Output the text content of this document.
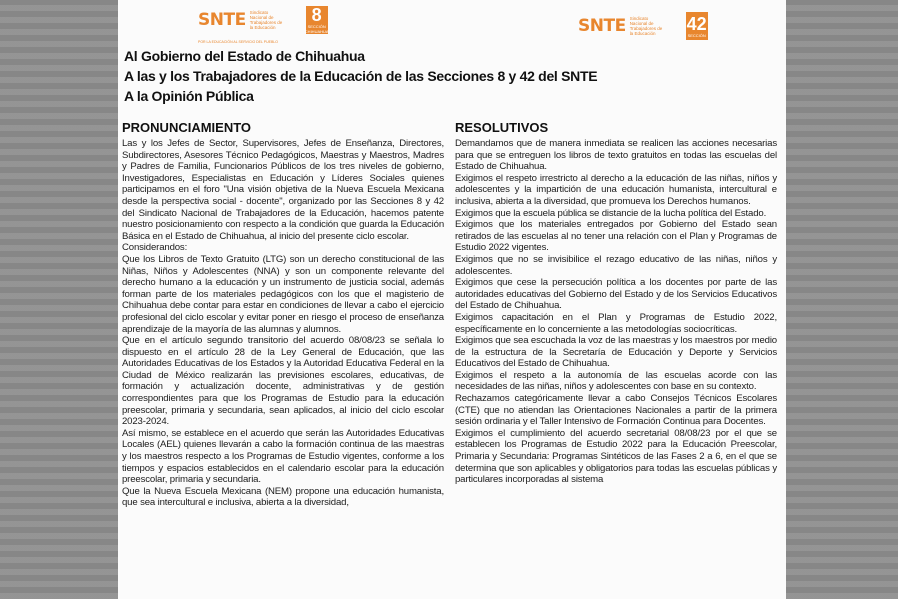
SNTE Sindicato
Nacional de
Trabajadores de
la Educación
8
SECCIÓN
CHIHUAHUA
POR LA EDUCACIÓN AL SERVICIO DEL PUEBLO
SNTE Sindicato
Nacional de
Trabajadores de
la Educación	42
SECCIÓN
Al Gobierno del Estado de Chihuahua
A las y los Trabajadores de la Educación de las Secciones 8 y 42 del SNTE
A la Opinión Pública
PRONUNCIAMIENTO

Las y los Jefes de Sector, Supervisores, Jefes de Enseñanza, Directores, Subdirectores, Asesores Técnico Pedagógicos, Maestras y Maestros, Madres y Padres de Familia, Funcionarios Públicos de los tres niveles de gobierno, Investigadores, Especialistas en Educación y Líderes Sociales quienes participamos en el foro "Una visión objetiva de la Nueva Escuela Mexicana desde la perspectiva social - docente", organizado por las Secciones 8 y 42 del Sindicato Nacional de Trabajadores de la Educación, hacemos patente nuestro posicionamiento con respecto a la condición que guarda la Educación Básica en el Estado de Chihuahua, al inicio del presente ciclo escolar.

Considerandos:

Que los Libros de Texto Gratuito (LTG) son un derecho constitucional de las Niñas, Niños y Adolescentes (NNA) y son un componente relevante del derecho humano a la educación y un instrumento de justicia social, además forman parte de los materiales pedagógicos con los que el magisterio de Chihuahua debe contar para estar en condiciones de llevar a cabo el ejercicio profesional del ciclo escolar y evitar poner en riesgo el proceso de enseñanza aprendizaje de la mayoría de las alumnas y alumnos.

Que en el artículo segundo transitorio del acuerdo 08/08/23 se señala lo dispuesto en el artículo 28 de la Ley General de Educación, que las Autoridades Educativas de los Estados y la Autoridad Educativa Federal en la Ciudad de México realizarán las previsiones escolares, educativas, de formación y actualización docente, administrativas y de gestión correspondientes para que los Programas de Estudio para la educación preescolar, primaria y secundaria, sean aplicados, al inicio del ciclo escolar 2023-2024.

Así mismo, se establece en el acuerdo que serán las Autoridades Educativas Locales (AEL) quienes llevarán a cabo la formación continua de las maestras y los maestros respecto a los Programas de Estudio vigentes, conforme a los tiempos y espacios establecidos en el calendario escolar para la educación preescolar, primaria y secundaria.

Que la Nueva Escuela Mexicana (NEM) propone una educación humanista, que sea intercultural e inclusiva, abierta a la diversidad,

RESOLUTIVOS

Demandamos que de manera inmediata se realicen las acciones necesarias para que se entreguen los libros de texto gratuitos en todas las escuelas del Estado de Chihuahua.

Exigimos el respeto irrestricto al derecho a la educación de las niñas, niños y adolescentes y la impartición de una educación humanista, intercultural e inclusiva, abierta a la diversidad, que promueva los Derechos humanos.

Exigimos que la escuela pública se distancie de la lucha política del Estado.

Exigimos que los materiales entregados por Gobierno del Estado sean retirados de las escuelas al no tener una relación con el Plan y Programas de Estudio 2022 vigentes.

Exigimos que no se invisibilice el rezago educativo de las niñas, niños y adolescentes.

Exigimos que cese la persecución política a los docentes por parte de las autoridades educativas del Gobierno del Estado y de los Servicios Educativos del Estado de Chihuahua.

Exigimos capacitación en el Plan y Programas de Estudio 2022, específicamente en lo concerniente a las metodologías sociocríticas.

Exigimos que sea escuchada la voz de las maestras y los maestros por medio de la estructura de la Secretaría de Educación y Deporte y Servicios Educativos del Estado de Chihuahua.

Exigimos el respeto a la autonomía de las escuelas acorde con las necesidades de las niñas, niños y adolescentes con base en su contexto.

Rechazamos categóricamente llevar a cabo Consejos Técnicos Escolares (CTE) que no atiendan las Orientaciones Nacionales a partir de la primera sesión ordinaria y el Taller Intensivo de Formación Continua para Docentes.

Exigimos el cumplimiento del acuerdo secretarial 08/08/23 por el que se establecen los Programas de Estudio 2022 para la Educación Preescolar, Primaria y Secundaria: Programas Sintéticos de las Fases 2 a 6, en el que se determina que son aplicables y obligatorios para todas las escuelas públicas y particulares incorporadas al sistema
